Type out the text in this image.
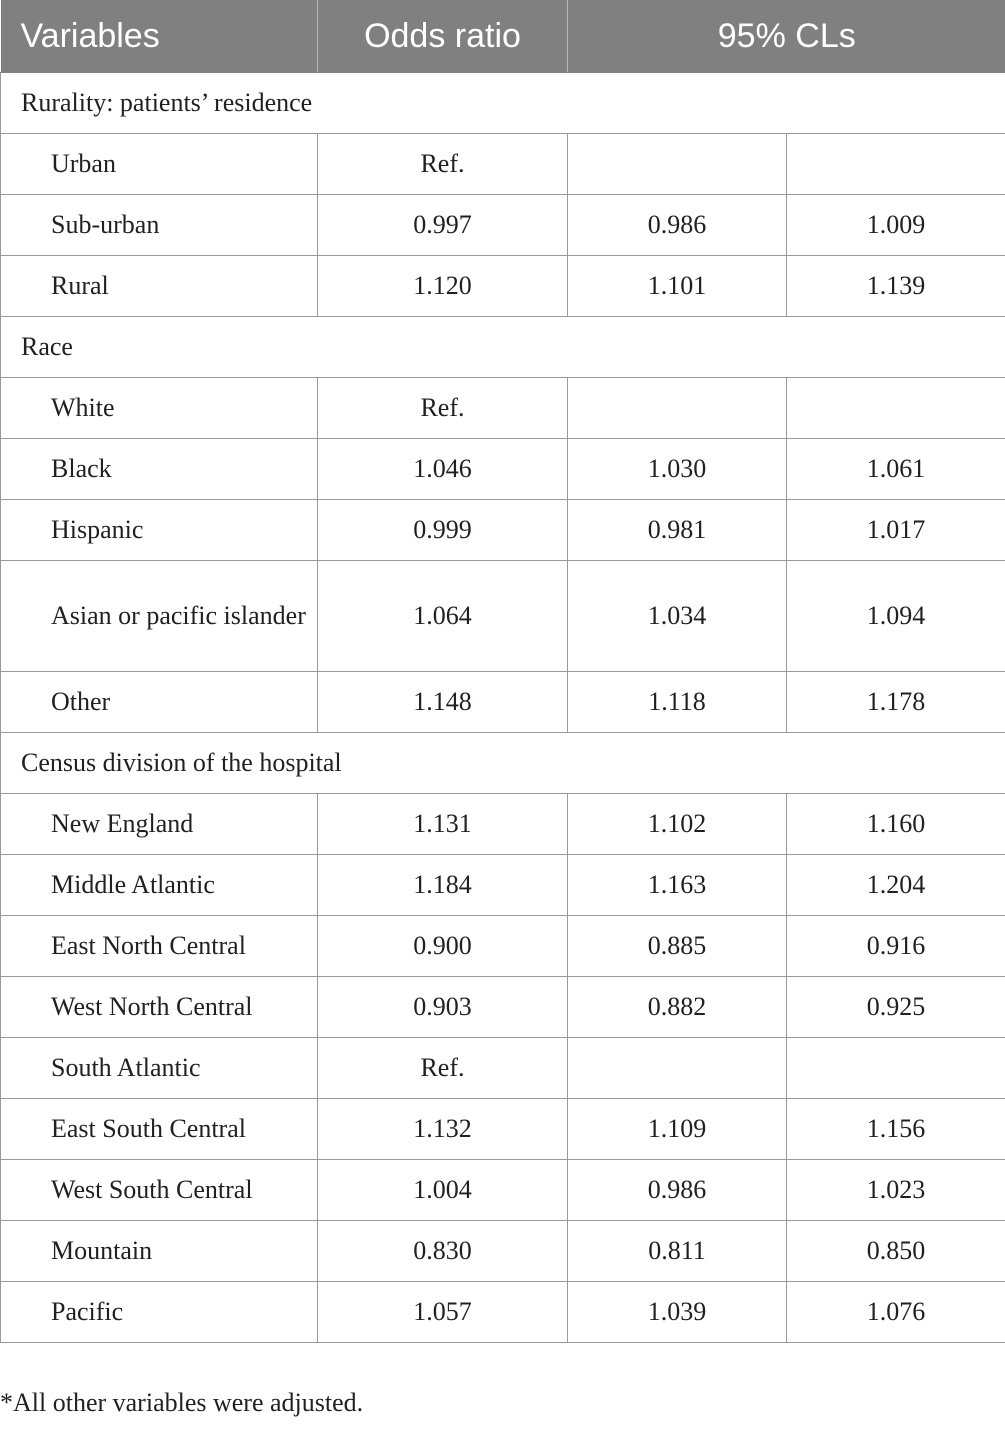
Variables	Odds ratio	95% CLs	
Rurality: patients’ residence			
Urban	Ref.		
Sub-urban	0.997	0.986	1.009
Rural	1.120	1.101	1.139
Race			
White	Ref.		
Black	1.046	1.030	1.061
Hispanic	0.999	0.981	1.017
Asian or pacific islander	1.064	1.034	1.094
Other	1.148	1.118	1.178
Census division of the hospital			
New England	1.131	1.102	1.160
Middle Atlantic	1.184	1.163	1.204
East North Central	0.900	0.885	0.916
West North Central	0.903	0.882	0.925
South Atlantic	Ref.		
East South Central	1.132	1.109	1.156
West South Central	1.004	0.986	1.023
Mountain	0.830	0.811	0.850
Pacific	1.057	1.039	1.076
*All other variables were adjusted.
